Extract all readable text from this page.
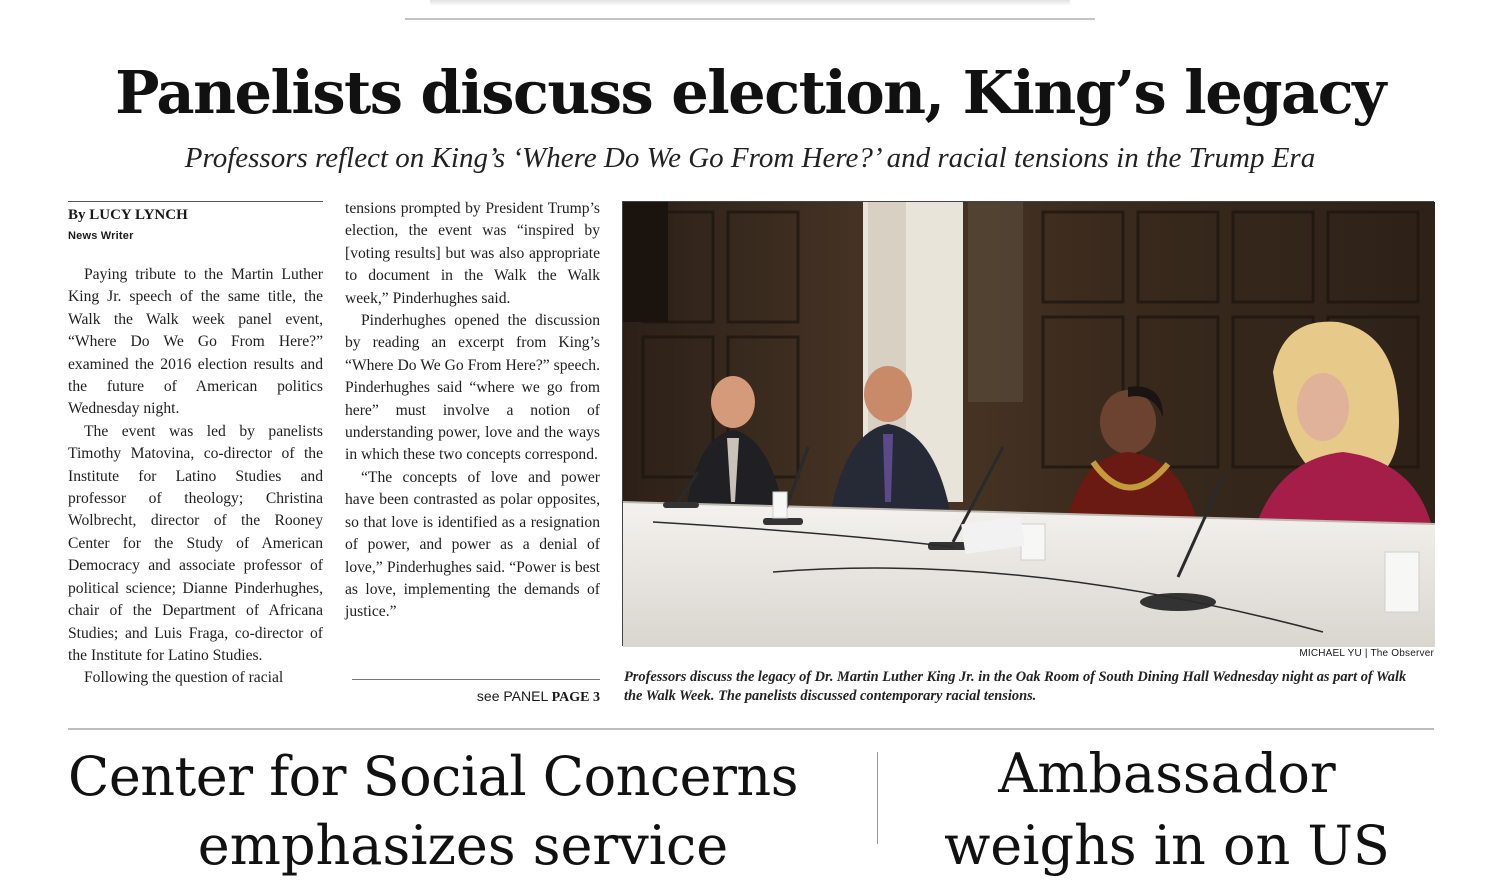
Panelists discuss election, King’s legacy
Professors reflect on King’s ‘Where Do We Go From Here?’ and racial tensions in the Trump Era
By LUCY LYNCH
News Writer

Paying tribute to the Martin Luther King Jr. speech of the same title, the Walk the Walk week panel event, “Where Do We Go From Here?” examined the 2016 election results and the future of American politics Wednesday night.

The event was led by panelists Timothy Matovina, co-director of the Institute for Latino Studies and professor of theology; Christina Wolbrecht, director of the Rooney Center for the Study of American Democracy and associate professor of political science; Dianne Pinderhughes, chair of the Department of Africana Studies; and Luis Fraga, co-director of the Institute for Latino Studies.

Following the question of racial

tensions prompted by President Trump’s election, the event was “inspired by [voting results] but was also appropriate to document in the Walk the Walk week,” Pinderhughes said.

Pinderhughes opened the discussion by reading an excerpt from King’s “Where Do We Go From Here?” speech. Pinderhughes said “where we go from here” must involve a notion of understanding power, love and the ways in which these two concepts correspond.

“The concepts of love and power have been contrasted as polar opposites, so that love is identified as a resignation of power, and power as a denial of love,” Pinderhughes said. “Power is best as love, implementing the demands of justice.”

see PANEL PAGE 3
MICHAEL YU | The Observer
Professors discuss the legacy of Dr. Martin Luther King Jr. in the Oak Room of South Dining Hall Wednesday night as part of Walk the Walk Week. The panelists discussed contemporary racial tensions.
Center for Social Concerns
emphasizes service
Ambassador
weighs in on US
